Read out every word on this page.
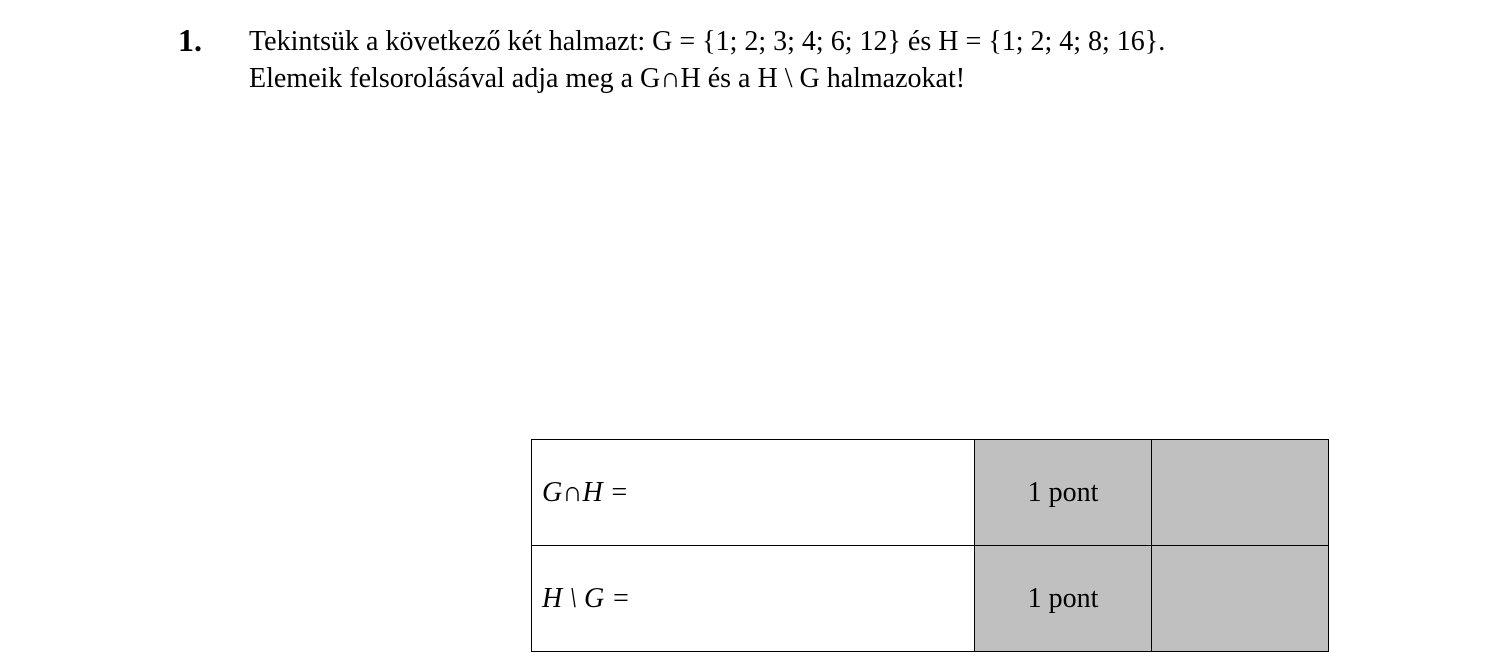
1. Tekintsük a következő két halmazt: G = {1; 2; 3; 4; 6; 12} és H = {1; 2; 4; 8; 16}.
Elemeik felsorolásával adja meg a G∩H és a H \ G halmazokat!
G∩H =	1 pont	
H \ G =	1 pont	
